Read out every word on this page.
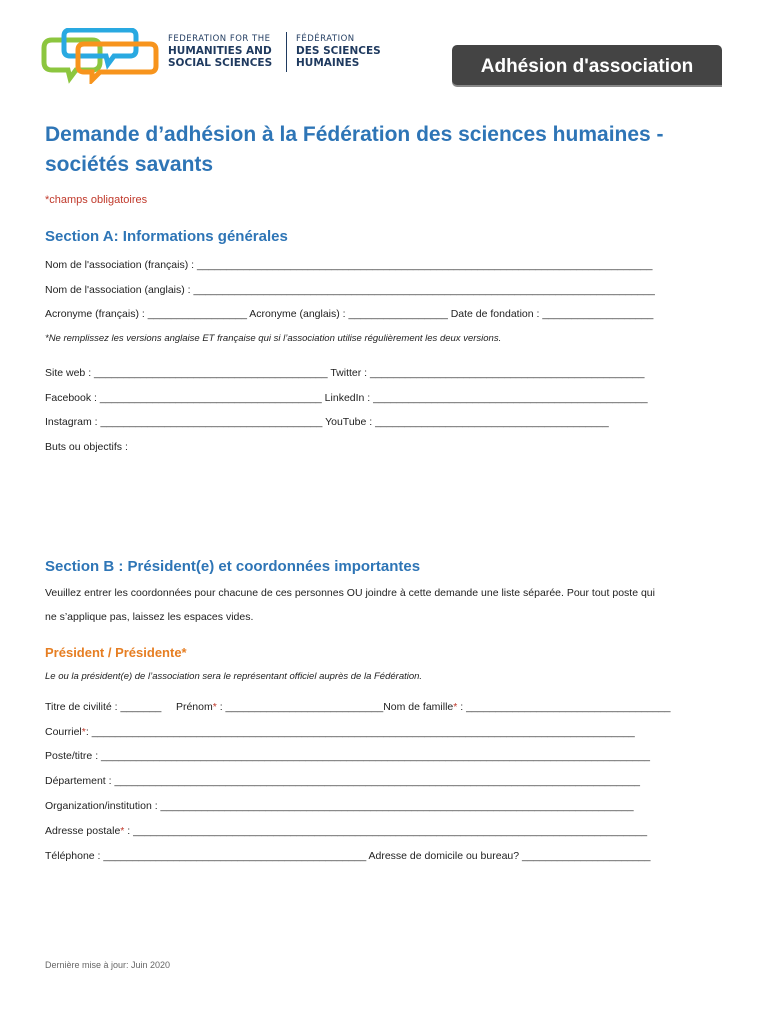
FEDERATION FOR THE
HUMANITIES AND
SOCIAL SCIENCES
FÉDÉRATION
DES SCIENCES
HUMAINES	Adhésion d'association
Demande d’adhésion à la Fédération des sciences humaines - sociétés savants
*champs obligatoires
Section A: Informations générales
Nom de l'association (français) : ______________________________________________________________________________
Nom de l'association (anglais) : _______________________________________________________________________________
Acronyme (français) : _________________ Acronyme (anglais) : _________________ Date de fondation : ___________________
*Ne remplissez les versions anglaise ET française qui si l’association utilise régulièrement les deux versions.
Site web : ________________________________________ Twitter : _______________________________________________
Facebook : ______________________________________ LinkedIn : _______________________________________________
Instagram : ______________________________________ YouTube : ________________________________________
Buts ou objectifs :
Section B : Président(e) et coordonnées importantes
Veuillez entrer les coordonnées pour chacune de ces personnes OU joindre à cette demande une liste séparée. Pour tout poste qui
ne s’applique pas, laissez les espaces vides.
Président / Présidente*
Le ou la président(e) de l’association sera le représentant officiel auprès de la Fédération.
Titre de civilité : _______ Prénom* : ___________________________Nom de famille* : ___________________________________
Courriel*: _____________________________________________________________________________________________
Poste/titre : ______________________________________________________________________________________________
Département : __________________________________________________________________________________________
Organization/institution : _________________________________________________________________________________
Adresse postale* : ________________________________________________________________________________________
Téléphone : _____________________________________________ Adresse de domicile ou bureau? ______________________
Dernière mise à jour: Juin 2020
